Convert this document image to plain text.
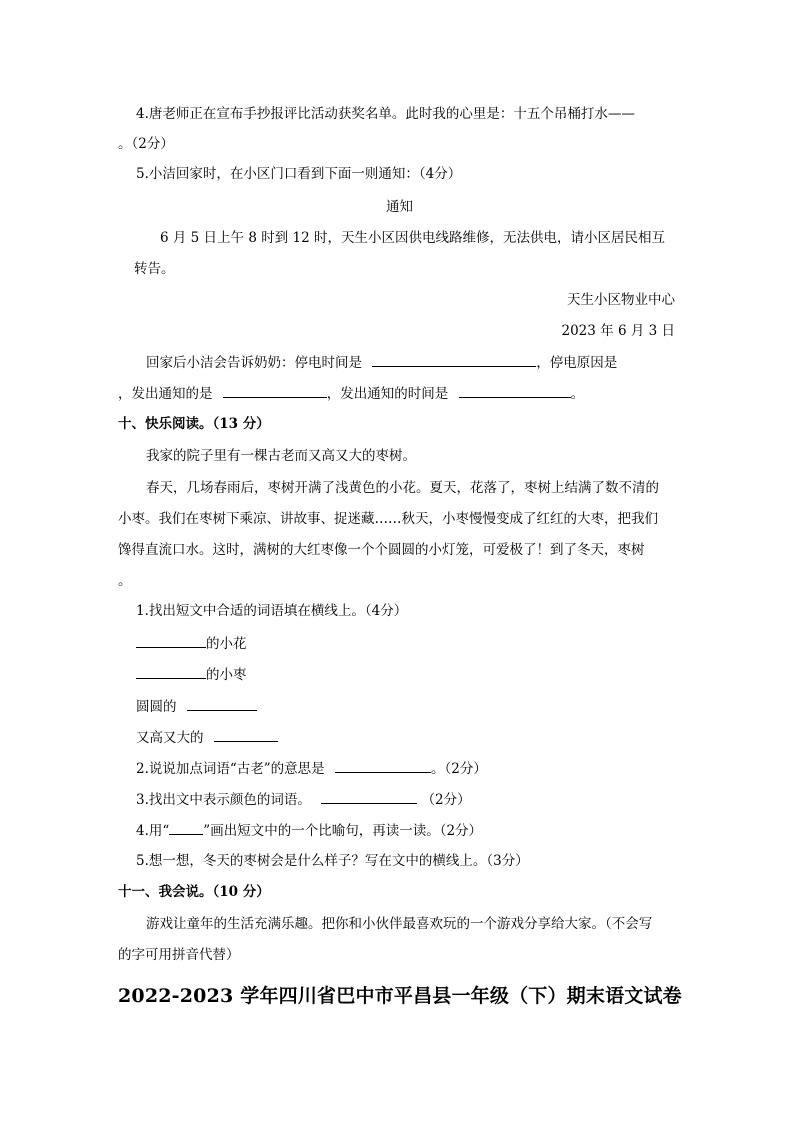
4.唐老师正在宣布手抄报评比活动获奖名单。此时我的心里是：十五个吊桶打水——
。（2分）
5.小洁回家时，在小区门口看到下面一则通知：（4分）
通知
6 月 5 日上午 8 时到 12 时，天生小区因供电线路维修，无法供电，请小区居民相互
转告。
天生小区物业中心
2023 年 6 月 3 日
回家后小洁会告诉奶奶：停电时间是	，停电原因是
，发出通知的是	，发出通知的时间是	。
十、快乐阅读。（13 分）
我家的院子里有一棵古老而又高又大的枣树。
春天，几场春雨后，枣树开满了浅黄色的小花。夏天，花落了，枣树上结满了数不清的
小枣。我们在枣树下乘凉、讲故事、捉迷藏……秋天，小枣慢慢变成了红红的大枣，把我们
馋得直流口水。这时，满树的大红枣像一个个圆圆的小灯笼，可爱极了！到了冬天，枣树
。
1.找出短文中合适的词语填在横线上。（4分）
的小花
的小枣
圆圆的
又高又大的
2.说说加点词语“古老”的意思是	。（2分）
3.找出文中表示颜色的词语。	（2分）
4.用“	”画出短文中的一个比喻句，再读一读。（2分）
5.想一想，冬天的枣树会是什么样子？写在文中的横线上。（3分）
十一、我会说。（10 分）
游戏让童年的生活充满乐趣。把你和小伙伴最喜欢玩的一个游戏分享给大家。（不会写
的字可用拼音代替）
2022-2023 学年四川省巴中市平昌县一年级（下）期末语文试卷
